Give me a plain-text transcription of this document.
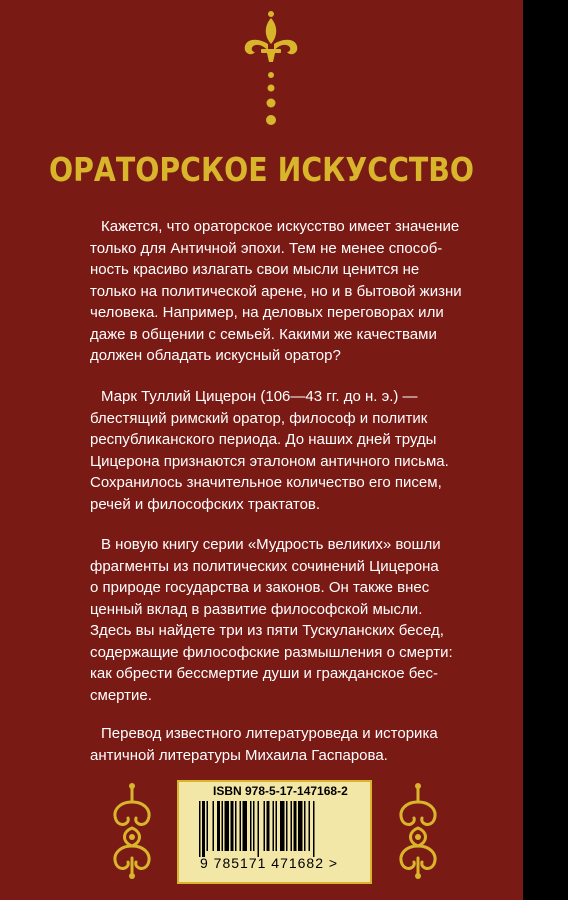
ОРАТОРСКОЕ ИСКУССТВО
Кажется, что ораторское искусство имеет значение
только для Античной эпохи. Тем не менее способ-
ность красиво излагать свои мысли ценится не
только на политической арене, но и в бытовой жизни
человека. Например, на деловых переговорах или
даже в общении с семьей. Какими же качествами
должен обладать искусный оратор?
Марк Туллий Цицерон (106—43 гг. до н. э.) —
блестящий римский оратор, философ и политик
республиканского периода. До наших дней труды
Цицерона признаются эталоном античного письма.
Сохранилось значительное количество его писем,
речей и философских трактатов.
В новую книгу серии «Мудрость великих» вошли
фрагменты из политических сочинений Цицерона
о природе государства и законов. Он также внес
ценный вклад в развитие философской мысли.
Здесь вы найдете три из пяти Тускуланских бесед,
содержащие философские размышления о смерти:
как обрести бессмертие души и гражданское бес-
смертие.
Перевод известного литературоведа и историка
античной литературы Михаила Гаспарова.
ISBN 978-5-17-147168-2
9 785171 471682 >
